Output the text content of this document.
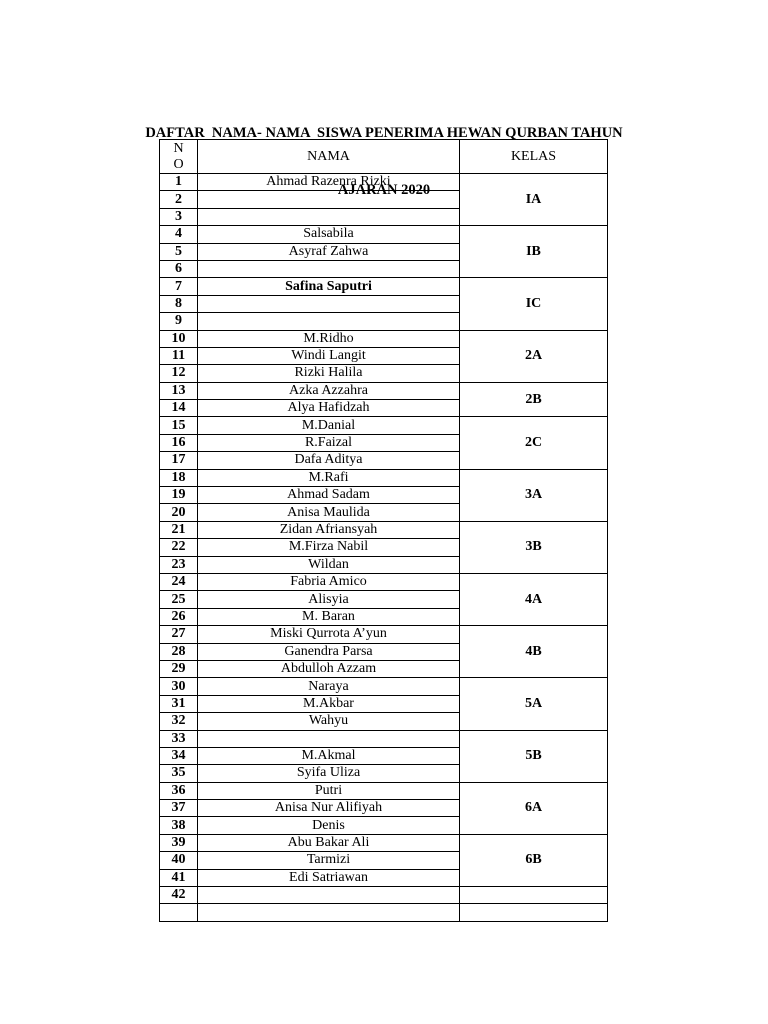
DAFTAR  NAMA- NAMA  SISWA PENERIMA HEWAN QURBAN TAHUN

AJARAN 2020

N
O	NAMA	KELAS
1	Ahmad Razenra Rizki	IA
2		
3		
4	Salsabila	IB
5	Asyraf Zahwa	
6		
7	Safina Saputri	IC
8		
9		
10	M.Ridho	2A
11	Windi Langit	
12	Rizki Halila	
13	Azka Azzahra	2B
14	Alya Hafidzah	
15	M.Danial	2C
16	R.Faizal	
17	Dafa Aditya	
18	M.Rafi	3A
19	Ahmad Sadam	
20	Anisa Maulida	
21	Zidan Afriansyah	3B
22	M.Firza Nabil	
23	Wildan	
24	Fabria Amico	4A
25	Alisyia	
26	M. Baran	
27	Miski Qurrota A’yun	4B
28	Ganendra Parsa	
29	Abdulloh Azzam	
30	Naraya	5A
31	M.Akbar	
32	Wahyu	
33		5B
34	M.Akmal	
35	Syifa Uliza	
36	Putri	6A
37	Anisa Nur Alifiyah	
38	Denis	
39	Abu Bakar Ali	6B
40	Tarmizi	
41	Edi Satriawan	
42		
